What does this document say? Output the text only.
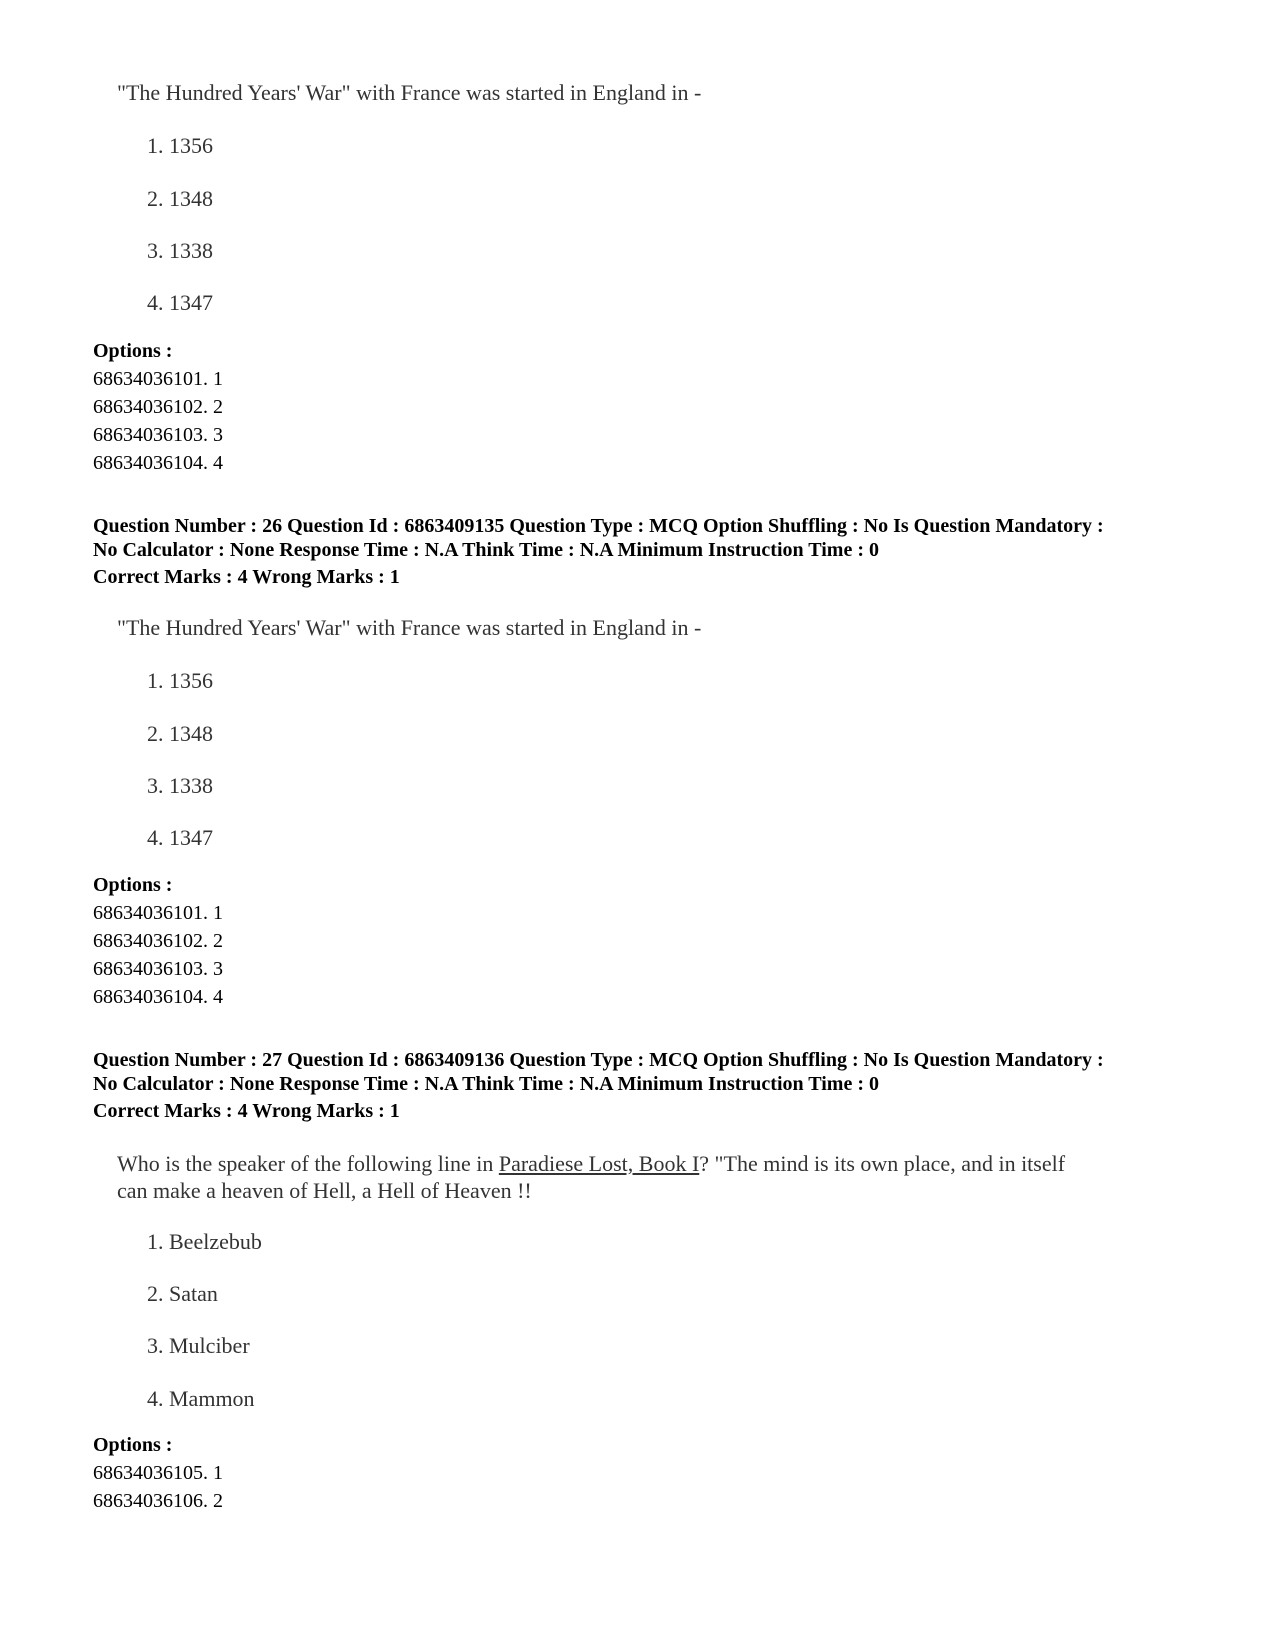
"The Hundred Years' War" with France was started in England in -
1. 1356
2. 1348
3. 1338
4. 1347
Options :
68634036101. 1
68634036102. 2
68634036103. 3
68634036104. 4
Question Number : 26 Question Id : 6863409135 Question Type : MCQ Option Shuffling : No Is Question Mandatory :
No Calculator : None Response Time : N.A Think Time : N.A Minimum Instruction Time : 0
Correct Marks : 4 Wrong Marks : 1
"The Hundred Years' War" with France was started in England in -
1. 1356
2. 1348
3. 1338
4. 1347
Options :
68634036101. 1
68634036102. 2
68634036103. 3
68634036104. 4
Question Number : 27 Question Id : 6863409136 Question Type : MCQ Option Shuffling : No Is Question Mandatory :
No Calculator : None Response Time : N.A Think Time : N.A Minimum Instruction Time : 0
Correct Marks : 4 Wrong Marks : 1
Who is the speaker of the following line in Paradiese Lost, Book I? "The mind is its own place, and in itself
can make a heaven of Hell, a Hell of Heaven !!
1. Beelzebub
2. Satan
3. Mulciber
4. Mammon
Options :
68634036105. 1
68634036106. 2
